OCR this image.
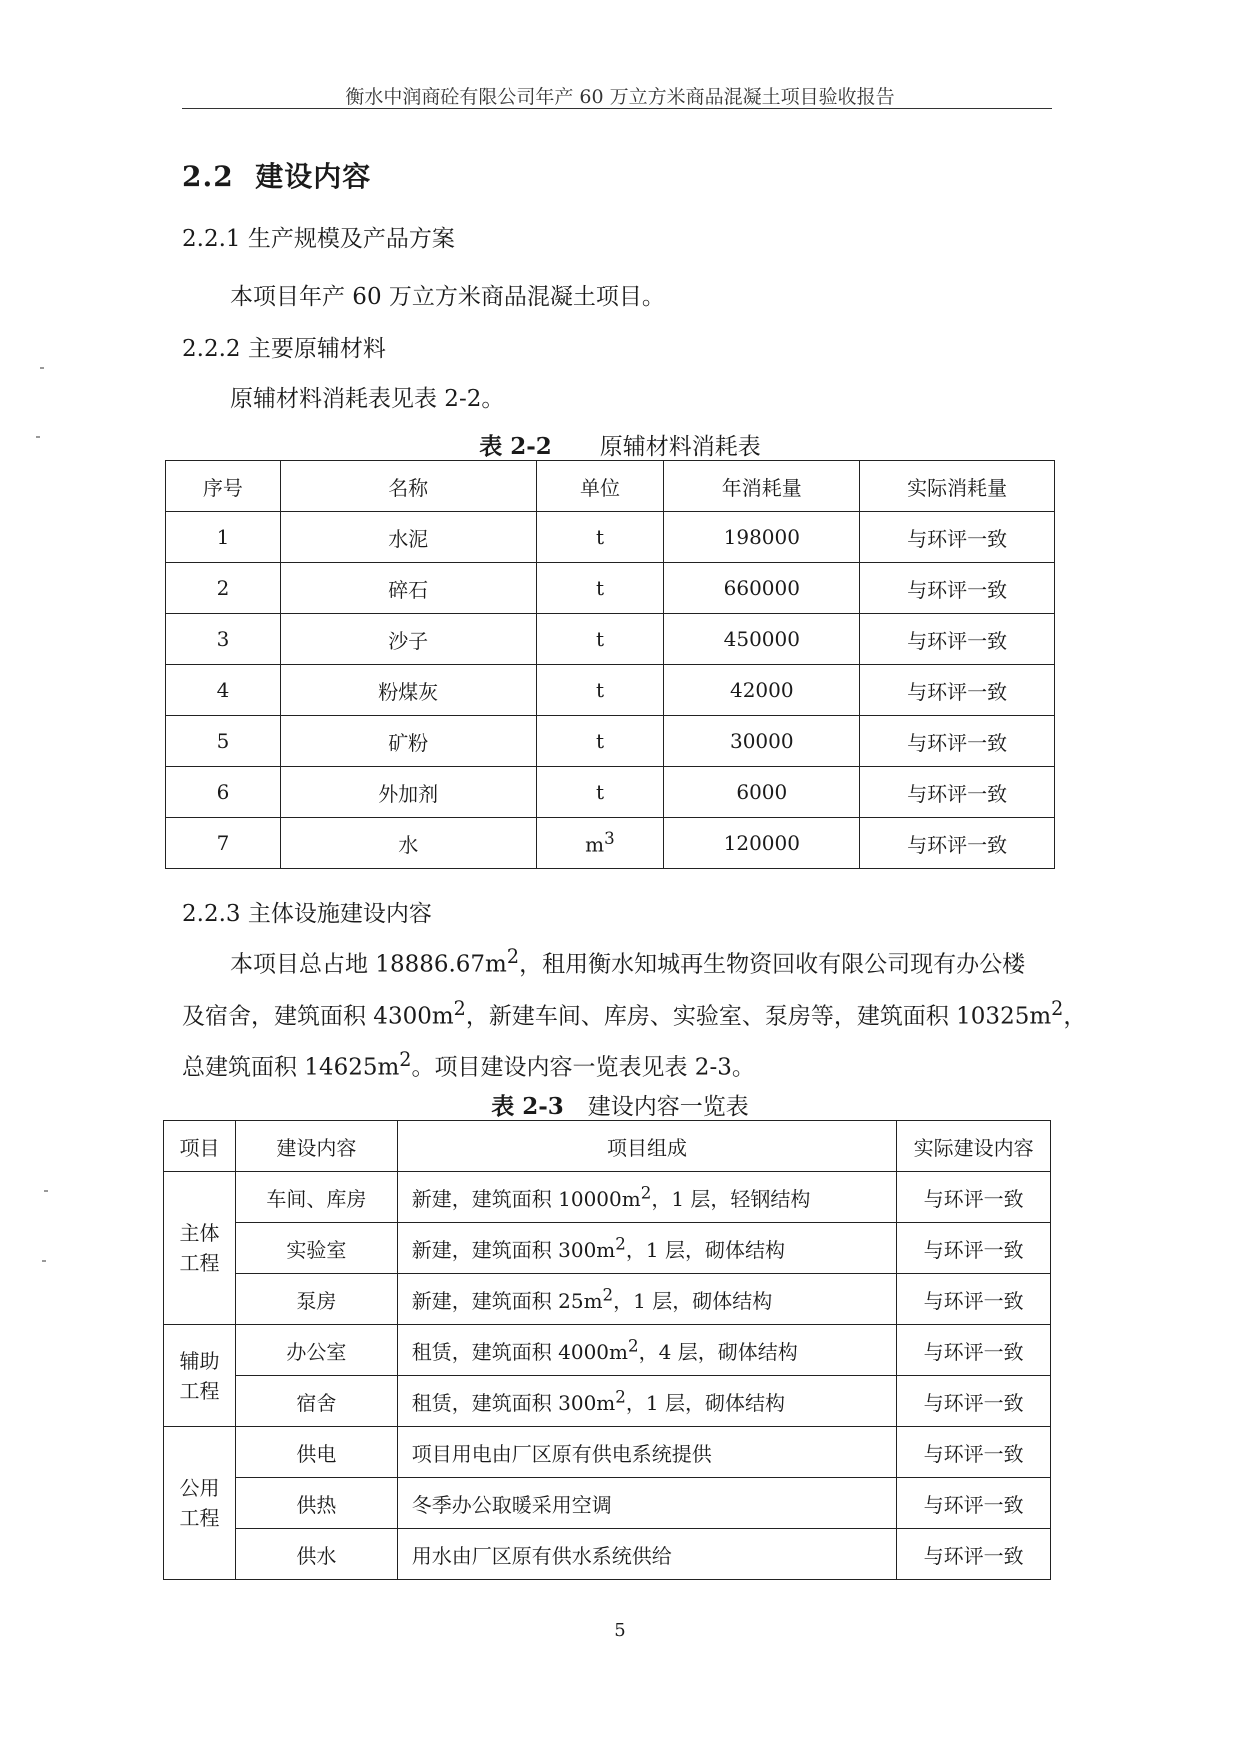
衡水中润商砼有限公司年产 60 万立方米商品混凝土项目验收报告
2.2 建设内容
2.2.1 生产规模及产品方案
本项目年产 60 万立方米商品混凝土项目。
2.2.2 主要原辅材料
原辅材料消耗表见表 2-2。
表 2-2 原辅材料消耗表
序号	名称	单位	年消耗量	实际消耗量
1	水泥	t	198000	与环评一致
2	碎石	t	660000	与环评一致
3	沙子	t	450000	与环评一致
4	粉煤灰	t	42000	与环评一致
5	矿粉	t	30000	与环评一致
6	外加剂	t	6000	与环评一致
7	水	$m^3$	120000	与环评一致
2.2.3 主体设施建设内容
本项目总占地 $18886.67m^2$，租用衡水知城再生物资回收有限公司现有办公楼
及宿舍，建筑面积 $4300m^2$，新建车间、库房、实验室、泵房等，建筑面积 $10325m^2$，
总建筑面积 $14625m^2$。项目建设内容一览表见表 2-3。
表 2-3 建设内容一览表
项目	建设内容	项目组成	实际建设内容

主体工程	车间、库房	新建，建筑面积 $10000m^2$，1 层，轻钢结构	与环评一致
	实验室	新建，建筑面积 $300m^2$，1 层，砌体结构	与环评一致
	泵房	新建，建筑面积 $25m^2$，1 层，砌体结构	与环评一致

辅助工程	办公室	租赁，建筑面积 $4000m^2$，4 层，砌体结构	与环评一致
	宿舍	租赁，建筑面积 $300m^2$，1 层，砌体结构	与环评一致

公用工程	供电	项目用电由厂区原有供电系统提供	与环评一致
	供热	冬季办公取暖采用空调	与环评一致
	供水	用水由厂区原有供水系统供给	与环评一致
5
